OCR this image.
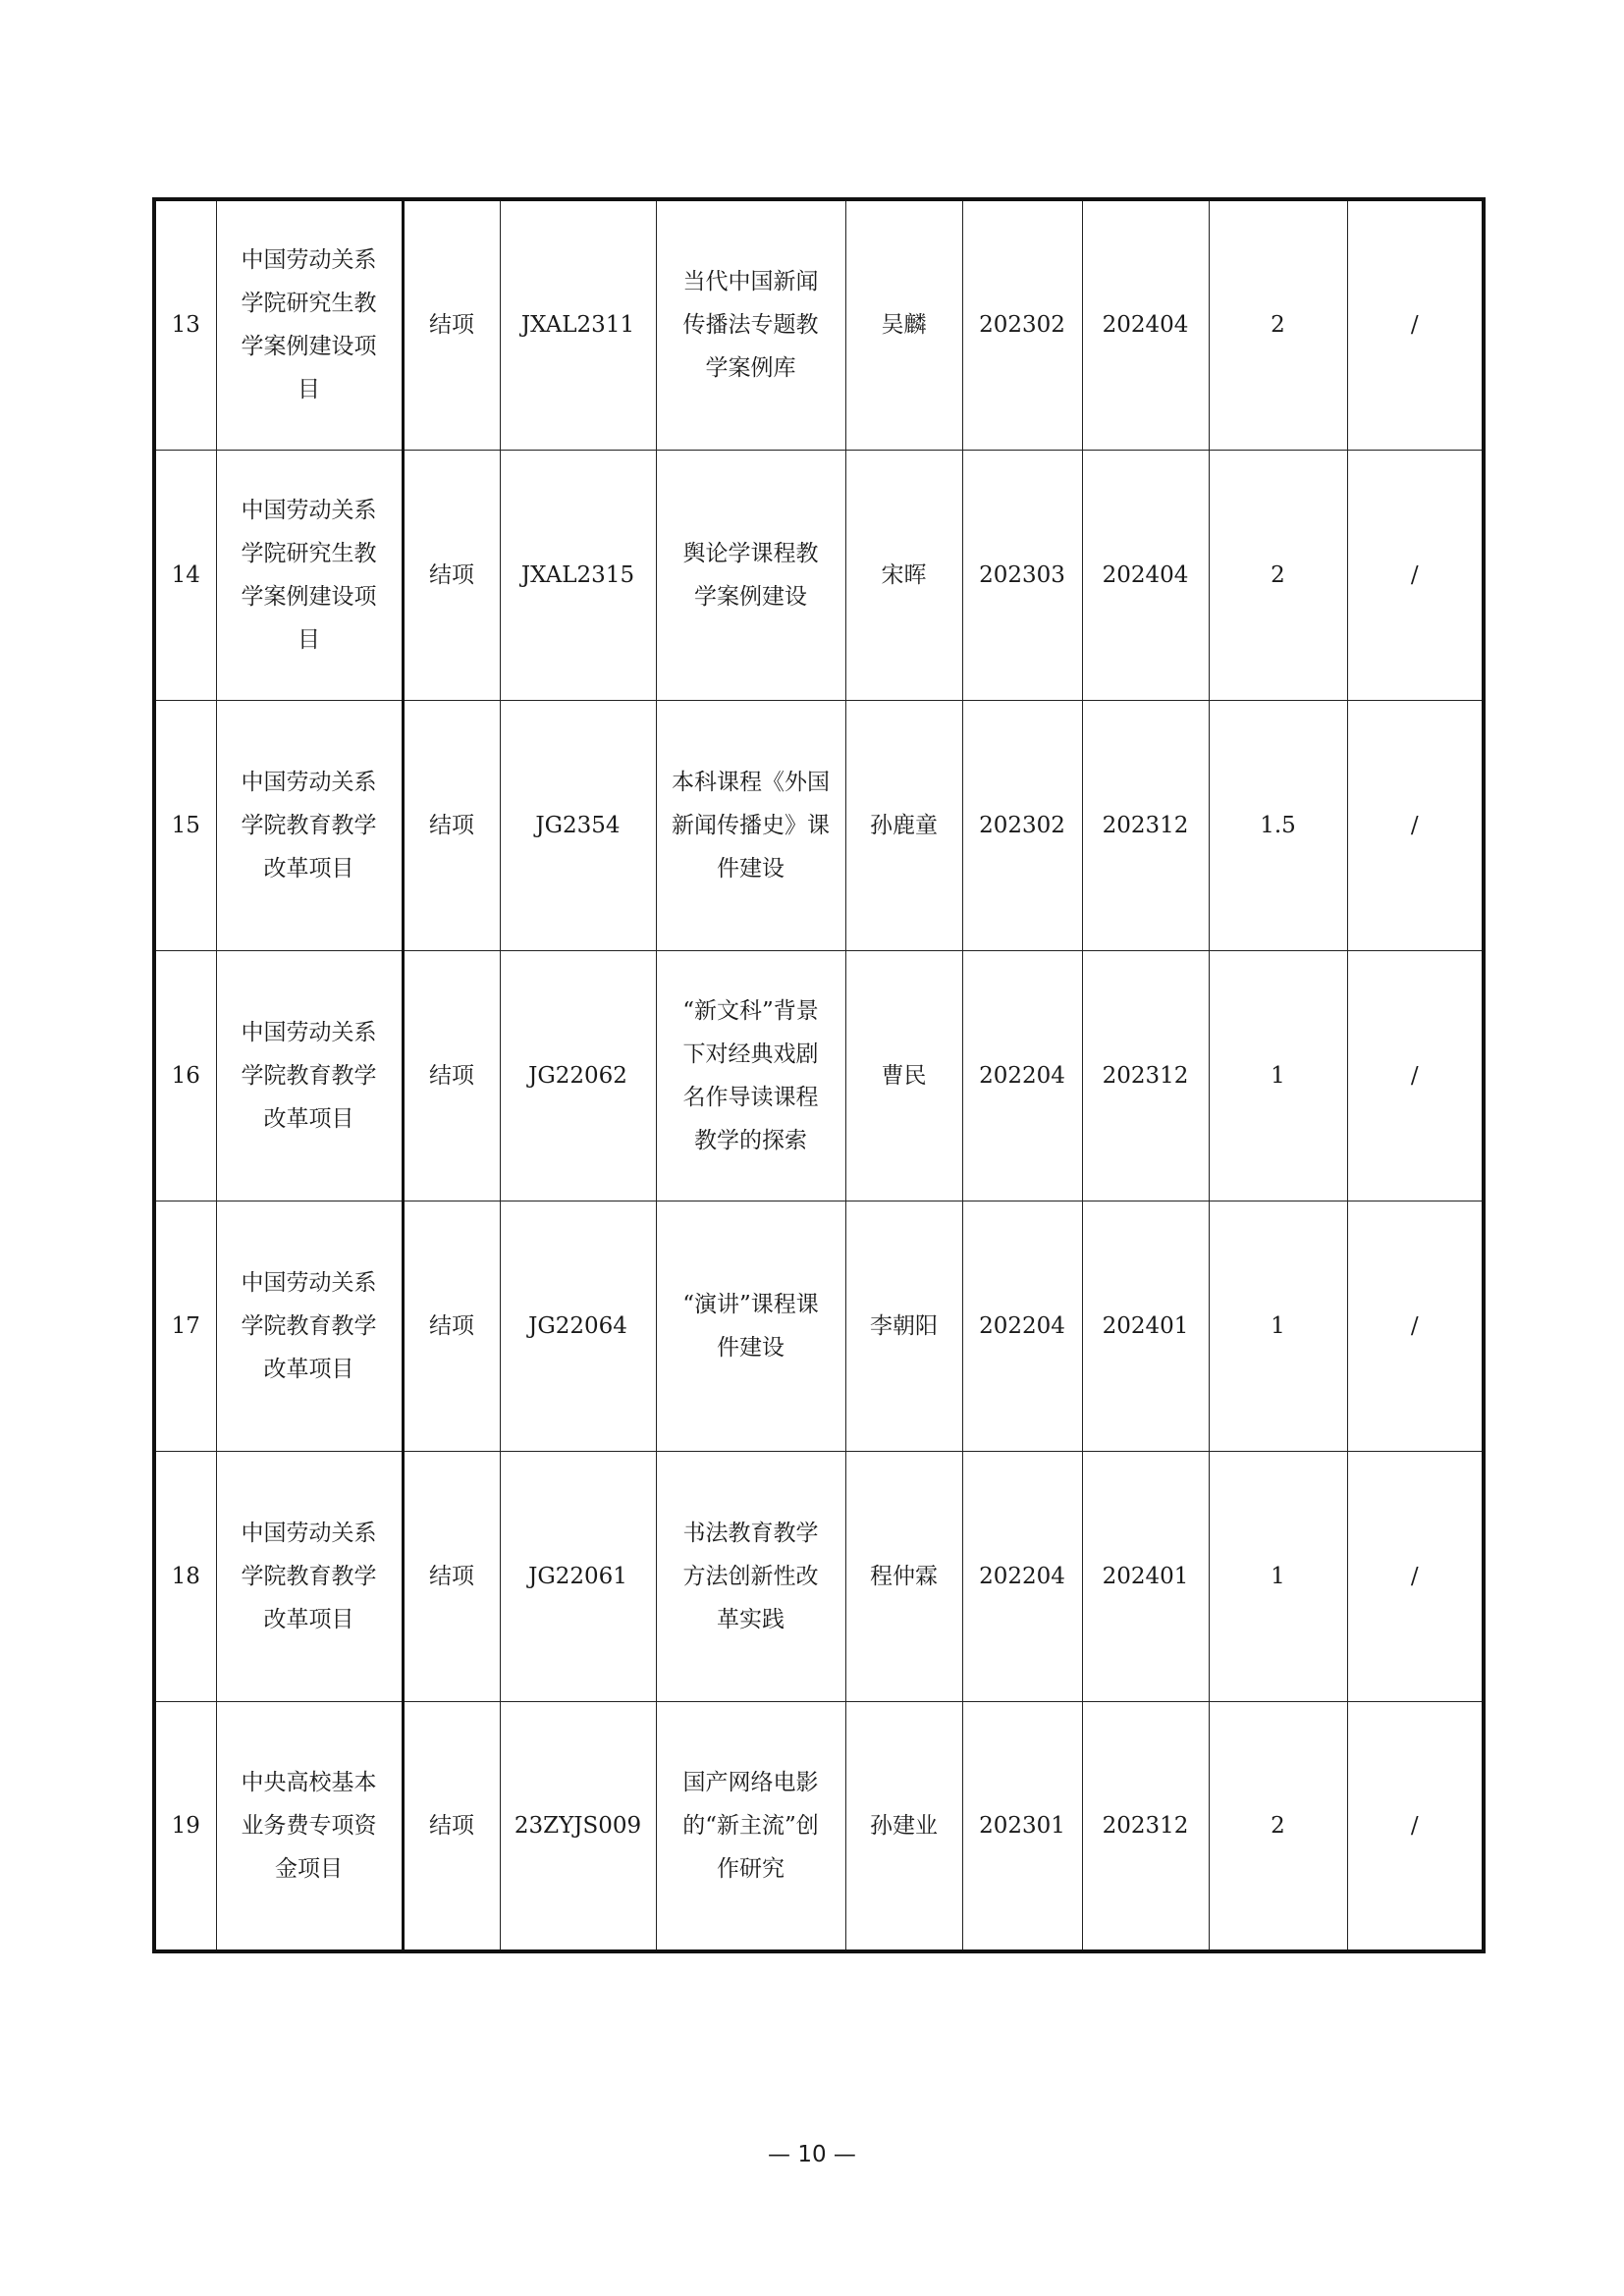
13	中国劳动关系
学院研究生教
学案例建设项
目	结项	JXAL2311	当代中国新闻
传播法专题教
学案例库	吴麟	202302	202404	2	/
14	中国劳动关系
学院研究生教
学案例建设项
目	结项	JXAL2315	舆论学课程教
学案例建设	宋晖	202303	202404	2	/
15	中国劳动关系
学院教育教学
改革项目	结项	JG2354	本科课程《外国
新闻传播史》课
件建设	孙鹿童	202302	202312	1.5	/
16	中国劳动关系
学院教育教学
改革项目	结项	JG22062	“新文科”背景
下对经典戏剧
名作导读课程
教学的探索	曹民	202204	202312	1	/
17	中国劳动关系
学院教育教学
改革项目	结项	JG22064	“演讲”课程课
件建设	李朝阳	202204	202401	1	/
18	中国劳动关系
学院教育教学
改革项目	结项	JG22061	书法教育教学
方法创新性改
革实践	程仲霖	202204	202401	1	/
19	中央高校基本
业务费专项资
金项目	结项	23ZYJS009	国产网络电影
的“新主流”创
作研究	孙建业	202301	202312	2	/
— 10 —
